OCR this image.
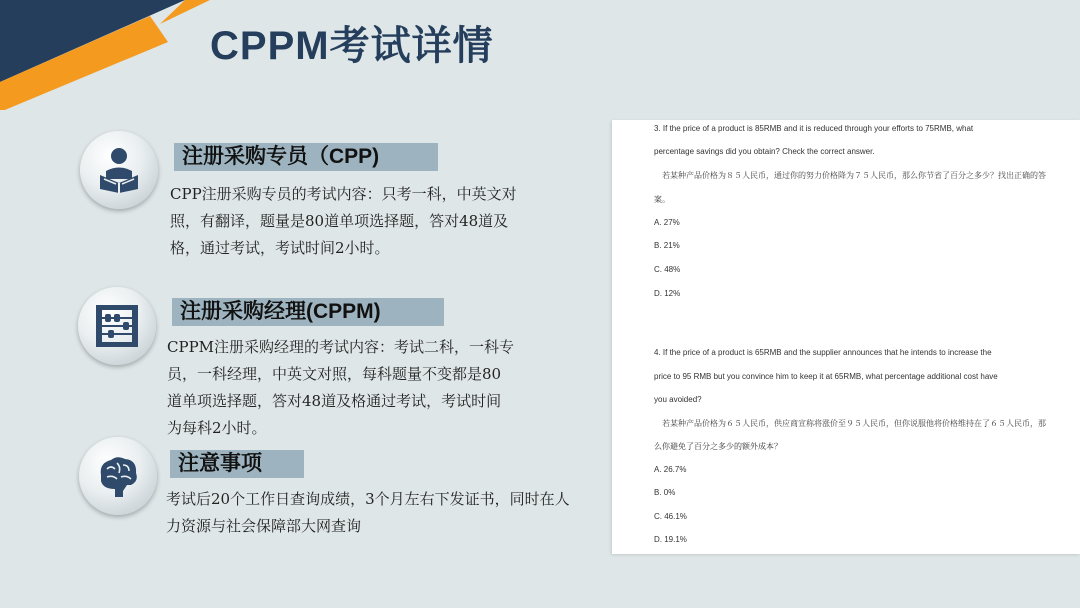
CPPM考试详情
注册采购专员（CPP)
CPP注册采购专员的考试内容：只考一科，中英文对
照，有翻译，题量是80道单项选择题，答对48道及
格，通过考试，考试时间2小时。
注册采购经理(CPPM)
CPPM注册采购经理的考试内容：考试二科，一科专
员，一科经理，中英文对照，每科题量不变都是80
道单项选择题，答对48道及格通过考试，考试时间
为每科2小时。
注意事项
考试后20个工作日查询成绩，3个月左右下发证书，同时在人
力资源与社会保障部大网查询
3. If the price of a product is 85RMB and it is reduced through your efforts to 75RMB, what
percentage savings did you obtain? Check the correct answer.
若某种产品价格为８５人民币，通过你的努力价格降为７５人民币，那么你节省了百分之多少？找出正确的答
案。
A. 27%
B. 21%
C. 48%
D. 12%
4. If the price of a product is 65RMB and the supplier announces that he intends to increase the
price to 95 RMB but you convince him to keep it at 65RMB, what percentage additional cost have
you avoided?
若某种产品价格为６５人民币，供应商宣称将涨价至９５人民币，但你说服他将价格维持在了６５人民币，那
么你避免了百分之多少的额外成本？
A. 26.7%
B. 0%
C. 46.1%
D. 19.1%
